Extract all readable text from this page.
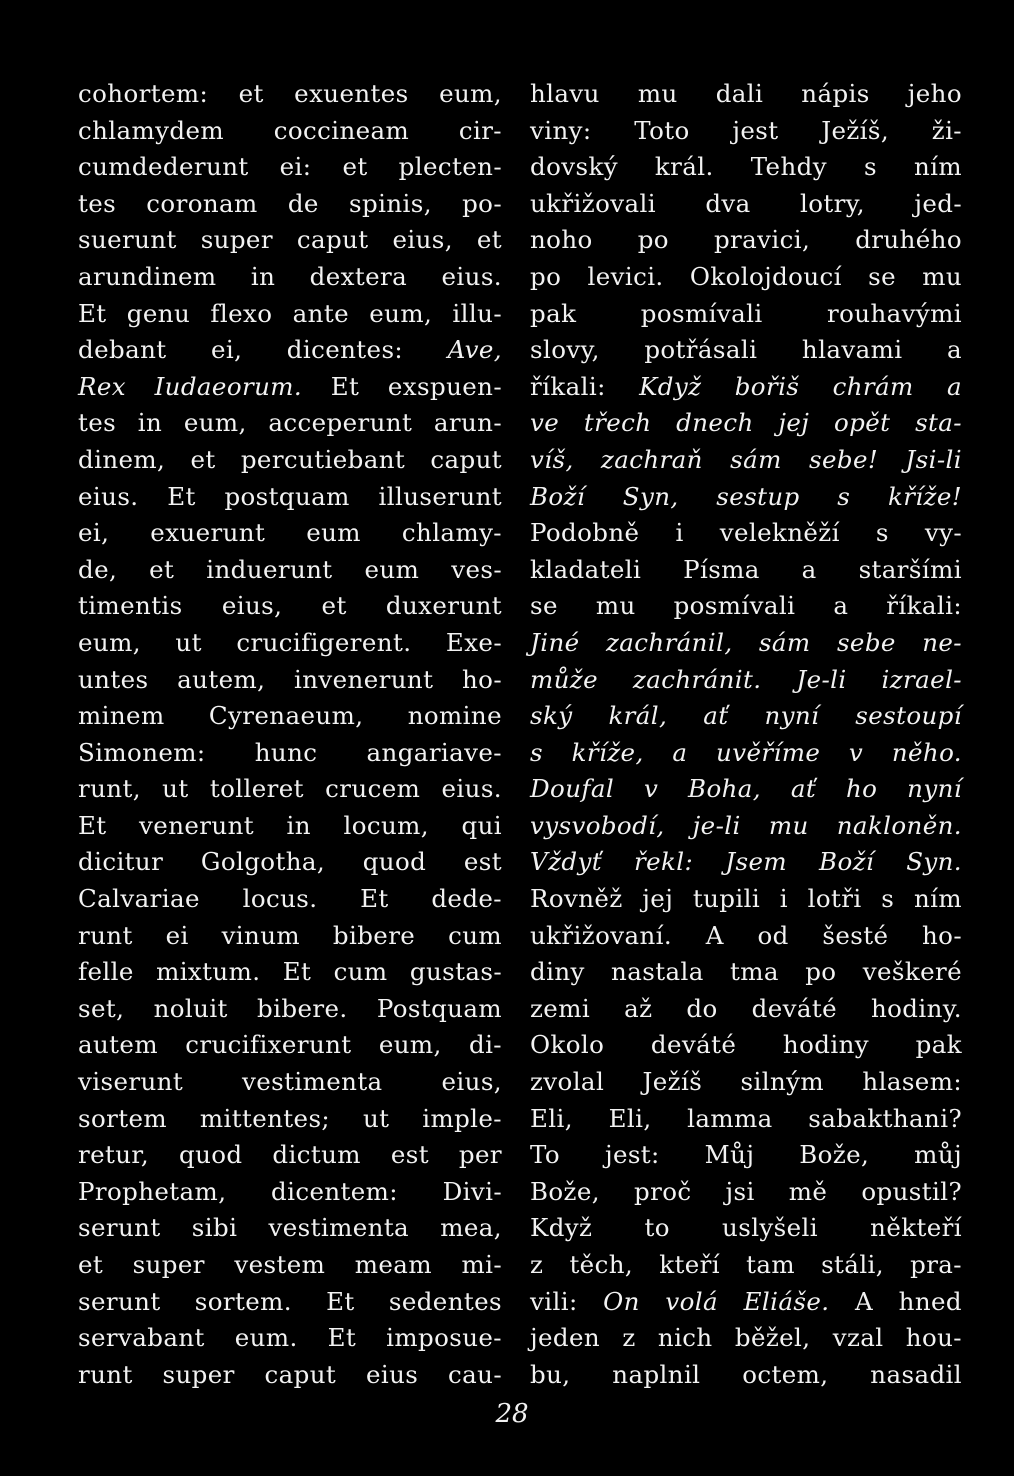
cohortem: et exuentes eum,
chlamydem coccineam cir-
cumdederunt ei: et plecten-
tes coronam de spinis, po-
suerunt super caput eius, et
arundinem in dextera eius.
Et genu flexo ante eum, illu-
debant ei, dicentes: Ave,
Rex Iudaeorum. Et exspuen-
tes in eum, acceperunt arun-
dinem, et percutiebant caput
eius. Et postquam illuserunt
ei, exuerunt eum chlamy-
de, et induerunt eum ves-
timentis eius, et duxerunt
eum, ut crucifigerent. Exe-
untes autem, invenerunt ho-
minem Cyrenaeum, nomine
Simonem: hunc angariave-
runt, ut tolleret crucem eius.
Et venerunt in locum, qui
dicitur Golgotha, quod est
Calvariae locus. Et dede-
runt ei vinum bibere cum
felle mixtum. Et cum gustas-
set, noluit bibere. Postquam
autem crucifixerunt eum, di-
viserunt vestimenta eius,
sortem mittentes; ut imple-
retur, quod dictum est per
Prophetam, dicentem: Divi-
serunt sibi vestimenta mea,
et super vestem meam mi-
serunt sortem. Et sedentes
servabant eum. Et imposue-
runt super caput eius cau-
hlavu mu dali nápis jeho
viny: Toto jest Ježíš, ži-
dovský král. Tehdy s ním
ukřižovali dva lotry, jed-
noho po pravici, druhého
po levici. Okolojdoucí se mu
pak posmívali rouhavými
slovy, potřásali hlavami a
říkali: Když bořiš chrám a
ve třech dnech jej opět sta-
víš, zachraň sám sebe! Jsi-li
Boží Syn, sestup s kříže!
Podobně i velekněží s vy-
kladateli Písma a staršími
se mu posmívali a říkali:
Jiné zachránil, sám sebe ne-
může zachránit. Je-li izrael-
ský král, ať nyní sestoupí
s kříže, a uvěříme v něho.
Doufal v Boha, ať ho nyní
vysvobodí, je-li mu nakloněn.
Vždyť řekl: Jsem Boží Syn.
Rovněž jej tupili i lotři s ním
ukřižovaní. A od šesté ho-
diny nastala tma po veškeré
zemi až do deváté hodiny.
Okolo deváté hodiny pak
zvolal Ježíš silným hlasem:
Eli, Eli, lamma sabakthani?
To jest: Můj Bože, můj
Bože, proč jsi mě opustil?
Když to uslyšeli někteří
z těch, kteří tam stáli, pra-
vili: On volá Eliáše. A hned
jeden z nich běžel, vzal hou-
bu, naplnil octem, nasadil
28
